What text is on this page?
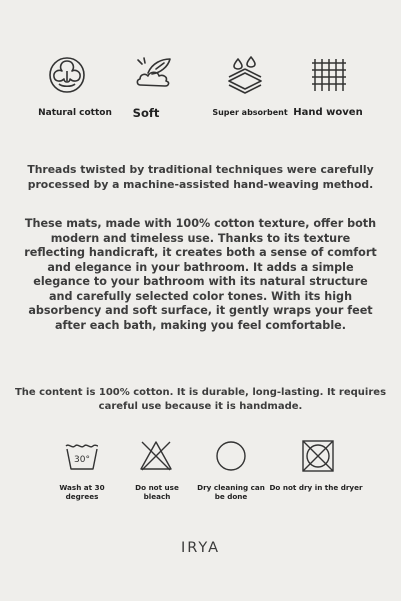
Natural cotton Soft	Super absorbent Hand woven

Threads twisted by traditional techniques were carefully processed by a machine-assisted hand-weaving method.

These mats, made with 100% cotton texture, offer both modern and timeless use. Thanks to its texture reflecting handicraft, it creates both a sense of comfort and elegance in your bathroom. It adds a simple elegance to your bathroom with its natural structure and carefully selected color tones. With its high absorbency and soft surface, it gently wraps your feet after each bath, making you feel comfortable.

The content is 100% cotton. It is durable, long-lasting. It requires careful use because it is handmade.

30°
Wash at 30 degrees
Do not use bleach
Dry cleaning can be done
Do not dry in the dryer
IRYA
